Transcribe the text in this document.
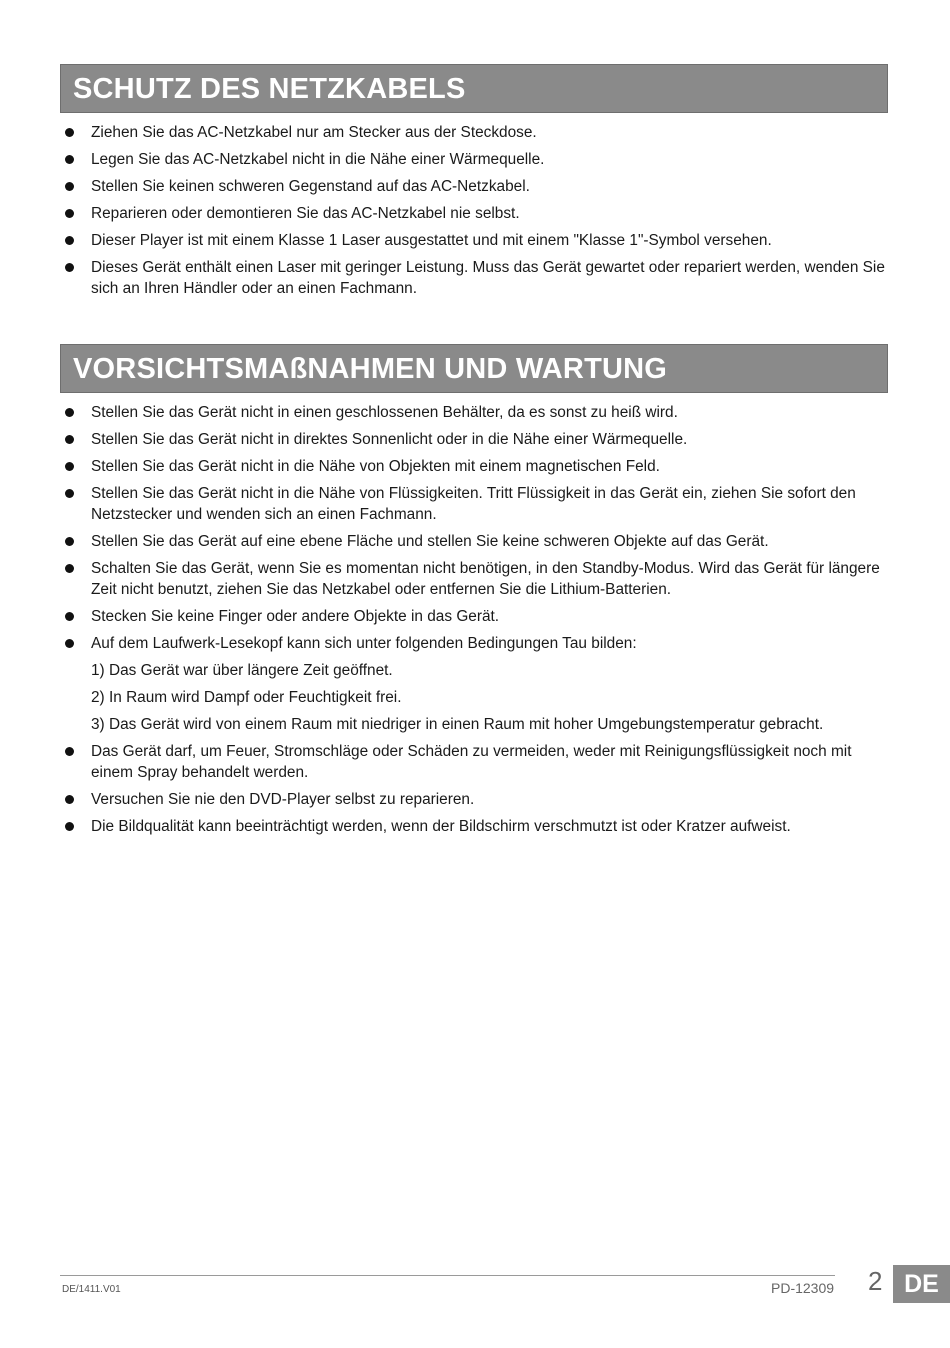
SCHUTZ DES NETZKABELS
Ziehen Sie das AC-Netzkabel nur am Stecker aus der Steckdose.
Legen Sie das AC-Netzkabel nicht in die Nähe einer Wärmequelle.
Stellen Sie keinen schweren Gegenstand auf das AC-Netzkabel.
Reparieren oder demontieren Sie das AC-Netzkabel nie selbst.
Dieser Player ist mit einem Klasse 1 Laser ausgestattet und mit einem "Klasse 1"-Symbol versehen.
Dieses Gerät enthält einen Laser mit geringer Leistung. Muss das Gerät gewartet oder repariert werden, wenden Sie sich an Ihren Händler oder an einen Fachmann.
VORSICHTSMAßNAHMEN UND WARTUNG
Stellen Sie das Gerät nicht in einen geschlossenen Behälter, da es sonst zu heiß wird.
Stellen Sie das Gerät nicht in direktes Sonnenlicht oder in die Nähe einer Wärmequelle.
Stellen Sie das Gerät nicht in die Nähe von Objekten mit einem magnetischen Feld.
Stellen Sie das Gerät nicht in die Nähe von Flüssigkeiten. Tritt Flüssigkeit in das Gerät ein, ziehen Sie sofort den Netzstecker und wenden sich an einen Fachmann.
Stellen Sie das Gerät auf eine ebene Fläche und stellen Sie keine schweren Objekte auf das Gerät.
Schalten Sie das Gerät, wenn Sie es momentan nicht benötigen, in den Standby-Modus. Wird das Gerät für längere Zeit nicht benutzt, ziehen Sie das Netzkabel oder entfernen Sie die Lithium-Batterien.
Stecken Sie keine Finger oder andere Objekte in das Gerät.
Auf dem Laufwerk-Lesekopf kann sich unter folgenden Bedingungen Tau bilden:
1) Das Gerät war über längere Zeit geöffnet.
2) In Raum wird Dampf oder Feuchtigkeit frei.
3) Das Gerät wird von einem Raum mit niedriger in einen Raum mit hoher Umgebungstemperatur gebracht.
Das Gerät darf, um Feuer, Stromschläge oder Schäden zu vermeiden, weder mit Reinigungsflüssigkeit noch mit einem Spray behandelt werden.
Versuchen Sie nie den DVD-Player selbst zu reparieren.
Die Bildqualität kann beeinträchtigt werden, wenn der Bildschirm verschmutzt ist oder Kratzer aufweist.
DE/1411.V01	PD-12309 2 DE
